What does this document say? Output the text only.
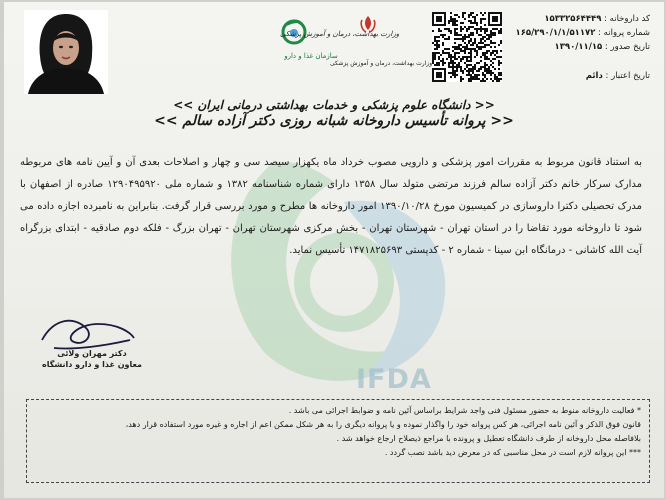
IFDA
وزارت بهداشت، درمان و آموزش پزشکی
سازمان غذا و دارو
وزارت بهداشت، درمان و آموزش پزشکی
کد داروخانه : ۱۵۳۳۲۵۶۴۴۴۹
شماره پروانه : ۱۶۵/۲۹۰/۱/۱/۵۱۱۷۲
تاریخ صدور : ۱۳۹۰/۱۱/۱۵
تاریخ اعتبار : دائم
<< دانشگاه علوم پزشکی و خدمات بهداشتی درمانی ایران >>
<< پروانه تأسیس داروخانه شبانه روزی دکتر آزاده سالم >>
به استناد قانون مربوط به مقررات امور پزشکی و دارویی مصوب خرداد ماه یکهزار سیصد سی و چهار و اصلاحات بعدی آن و آیین نامه های مربوطه مدارک سرکار خانم دکتر آزاده سالم فرزند مرتضی متولد سال ۱۳۵۸ دارای شماره شناسنامه ۱۳۸۲ و شماره ملی ۱۲۹۰۴۹۵۹۲۰ صادره از اصفهان با مدرک تحصیلی دکترا داروسازی در کمیسیون مورخ ۱۳۹۰/۱۰/۲۸ امور داروخانه ها مطرح و مورد بررسی قرار گرفت. بنابراین به نامبرده اجازه داده می شود تا داروخانه مورد تقاضا را در استان تهران - شهرستان تهران - بخش مرکزی شهرستان تهران - تهران بزرگ - فلکه دوم صادقیه - ابتدای بزرگراه آیت الله کاشانی - درمانگاه ابن سینا - شماره ۲ - کدپستی ۱۴۷۱۸۲۵۶۹۳ تأسیس نماید.
دکتر مهران ولائی
معاون غذا و دارو دانشگاه
* فعالیت داروخانه منوط به حضور مسئول فنی واجد شرایط براساس آئین نامه و ضوابط اجرائی می باشد .
قانون فوق الذکر و آئین نامه اجرائی، هر کس پروانه خود را واگذار نموده و یا پروانه دیگری را به هر شکل ممکن اعم از اجاره و غیره مورد استفاده قرار دهد،
بلافاصله محل داروخانه از طرف دانشگاه تعطیل و پرونده با مراجع ذیصلاح ارجاع خواهد شد .
*** این پروانه لازم است در محل مناسبی که در معرض دید باشد نصب گردد .
